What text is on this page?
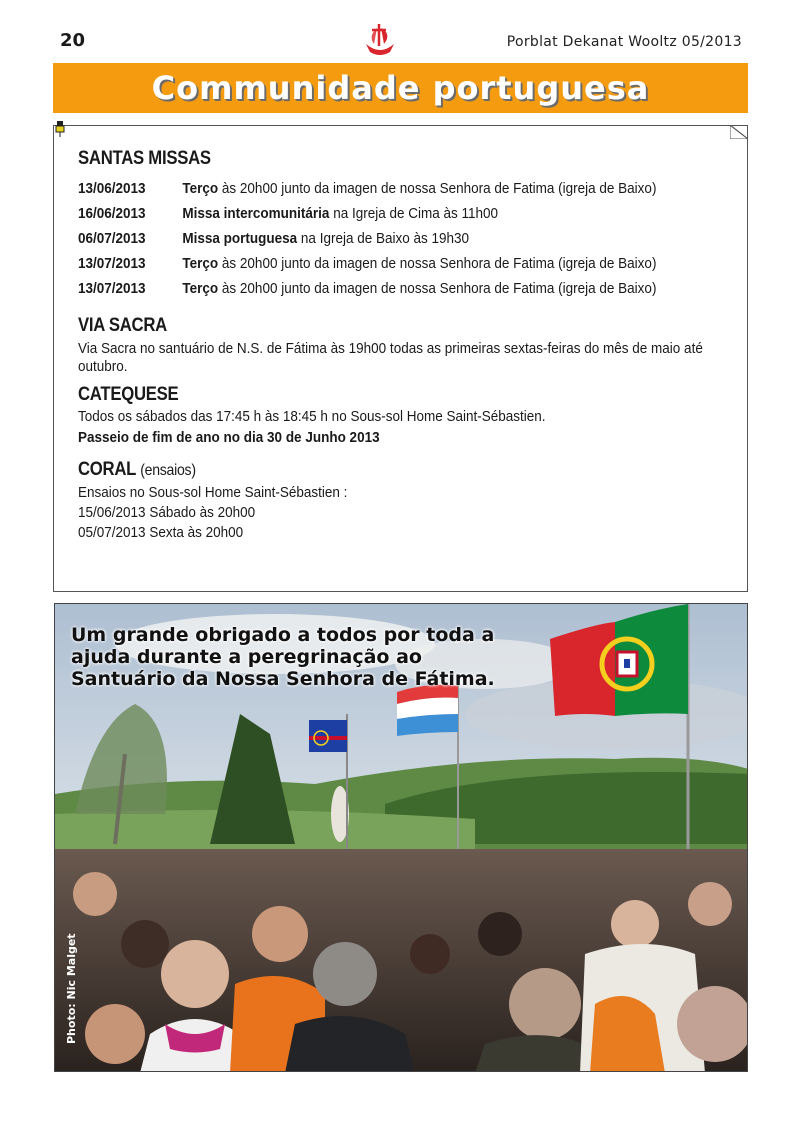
20	Porblat Dekanat Wooltz 05/2013
Communidade portuguesa
SANTAS MISSAS
13/06/2013	Terço às 20h00 junto da imagen de nossa Senhora de Fatima (igreja de Baixo)
16/06/2013	Missa intercomunitária na Igreja de Cima às 11h00
06/07/2013	Missa portuguesa na Igreja de Baixo às 19h30
13/07/2013	Terço às 20h00 junto da imagen de nossa Senhora de Fatima (igreja de Baixo)
13/07/2013	Terço às 20h00 junto da imagen de nossa Senhora de Fatima (igreja de Baixo)
VIA SACRA
Via Sacra no santuário de N.S. de Fátima às 19h00 todas as primeiras sextas-feiras do mês de maio até outubro.
CATEQUESE
Todos os sábados das 17:45 h às 18:45 h no Sous-sol Home Saint-Sébastien.
Passeio de fim de ano no dia 30 de Junho 2013
CORAL (ensaios)
Ensaios no Sous-sol Home Saint-Sébastien :
15/06/2013 Sábado às 20h00
05/07/2013 Sexta às 20h00
Um grande obrigado a todos por toda a ajuda durante a peregrinação ao Santuário da Nossa Senhora de Fátima.
Photo: Nic Malget
